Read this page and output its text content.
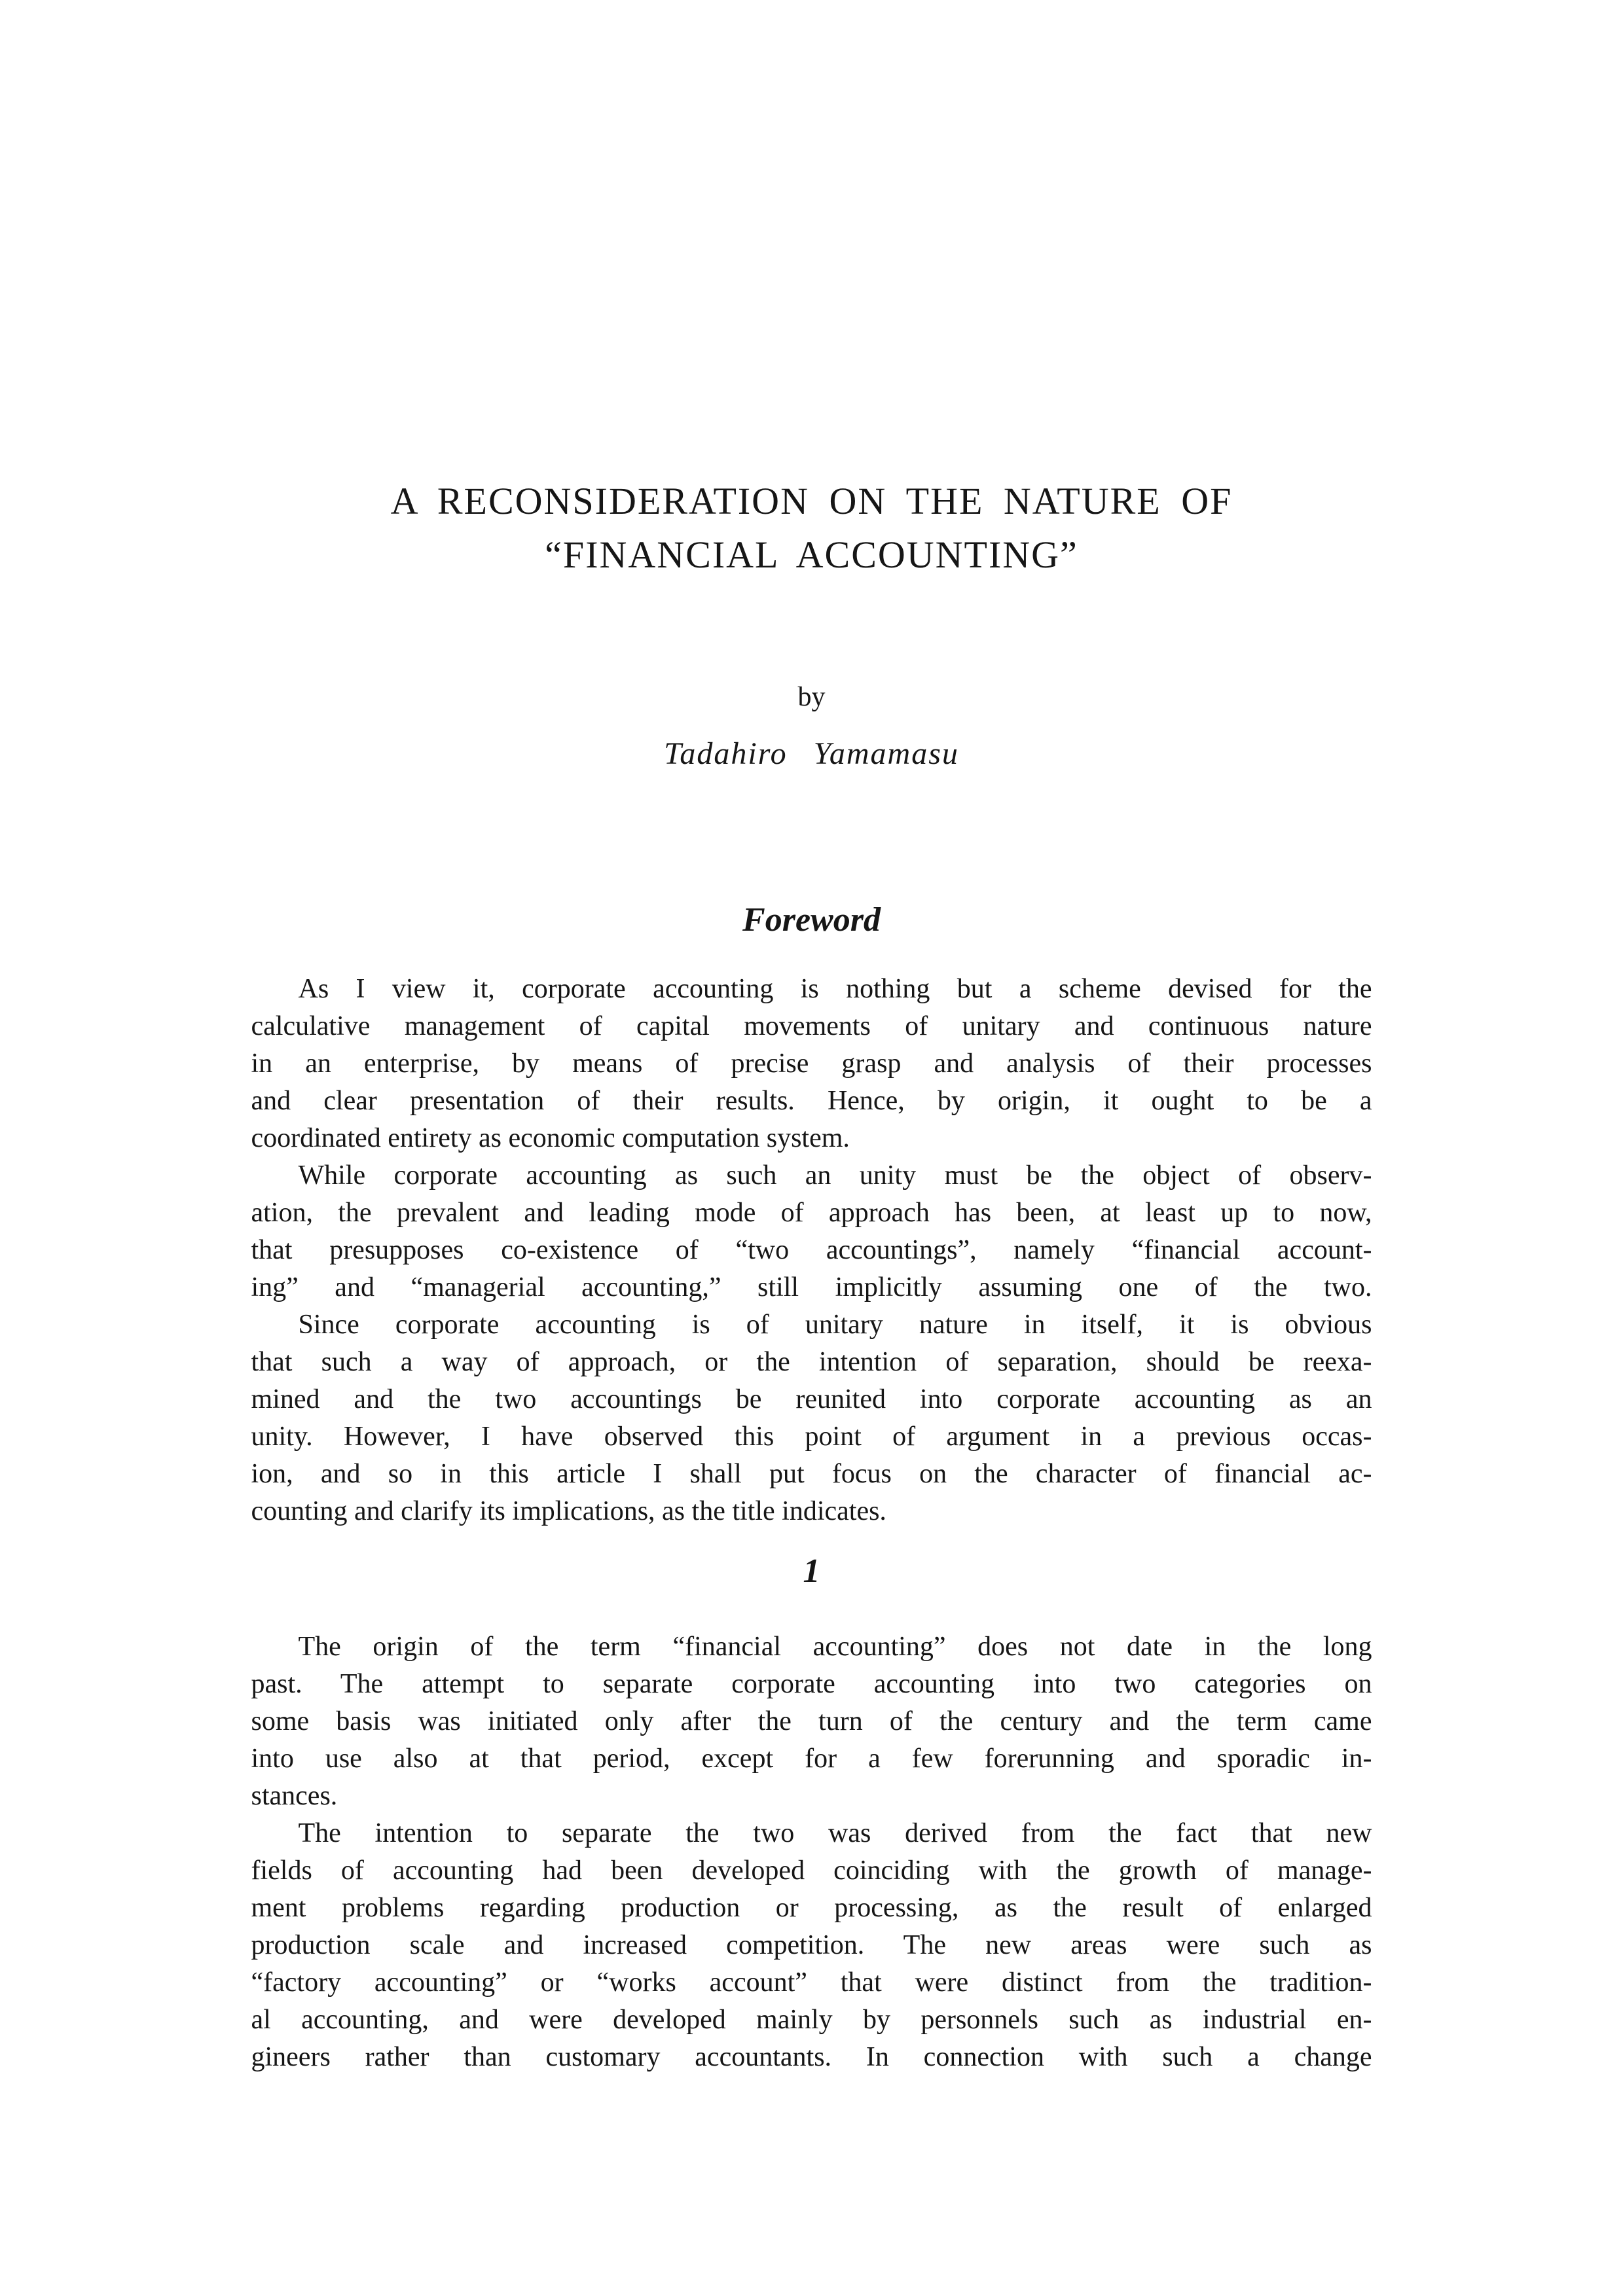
A RECONSIDERATION ON THE NATURE OF
“FINANCIAL ACCOUNTING”
by
Tadahiro Yamamasu
Foreword

As I view it, corporate accounting is nothing but a scheme devised for the
calculative management of capital movements of unitary and continuous nature
in an enterprise, by means of precise grasp and analysis of their processes
and clear presentation of their results. Hence, by origin, it ought to be a
coordinated entirety as economic computation system.

While corporate accounting as such an unity must be the object of observ-
ation, the prevalent and leading mode of approach has been, at least up to now,
that presupposes co-existence of “two accountings”, namely “financial account-
ing” and “managerial accounting,” still implicitly assuming one of the two.

Since corporate accounting is of unitary nature in itself, it is obvious
that such a way of approach, or the intention of separation, should be reexa-
mined and the two accountings be reunited into corporate accounting as an
unity. However, I have observed this point of argument in a previous occas-
ion, and so in this article I shall put focus on the character of financial ac-
counting and clarify its implications, as the title indicates.

1

The origin of the term “financial accounting” does not date in the long
past. The attempt to separate corporate accounting into two categories on
some basis was initiated only after the turn of the century and the term came
into use also at that period, except for a few forerunning and sporadic in-
stances.

The intention to separate the two was derived from the fact that new
fields of accounting had been developed coinciding with the growth of manage-
ment problems regarding production or processing, as the result of enlarged
production scale and increased competition. The new areas were such as
“factory accounting” or “works account” that were distinct from the tradition-
al accounting, and were developed mainly by personnels such as industrial en-
gineers rather than customary accountants. In connection with such a change
